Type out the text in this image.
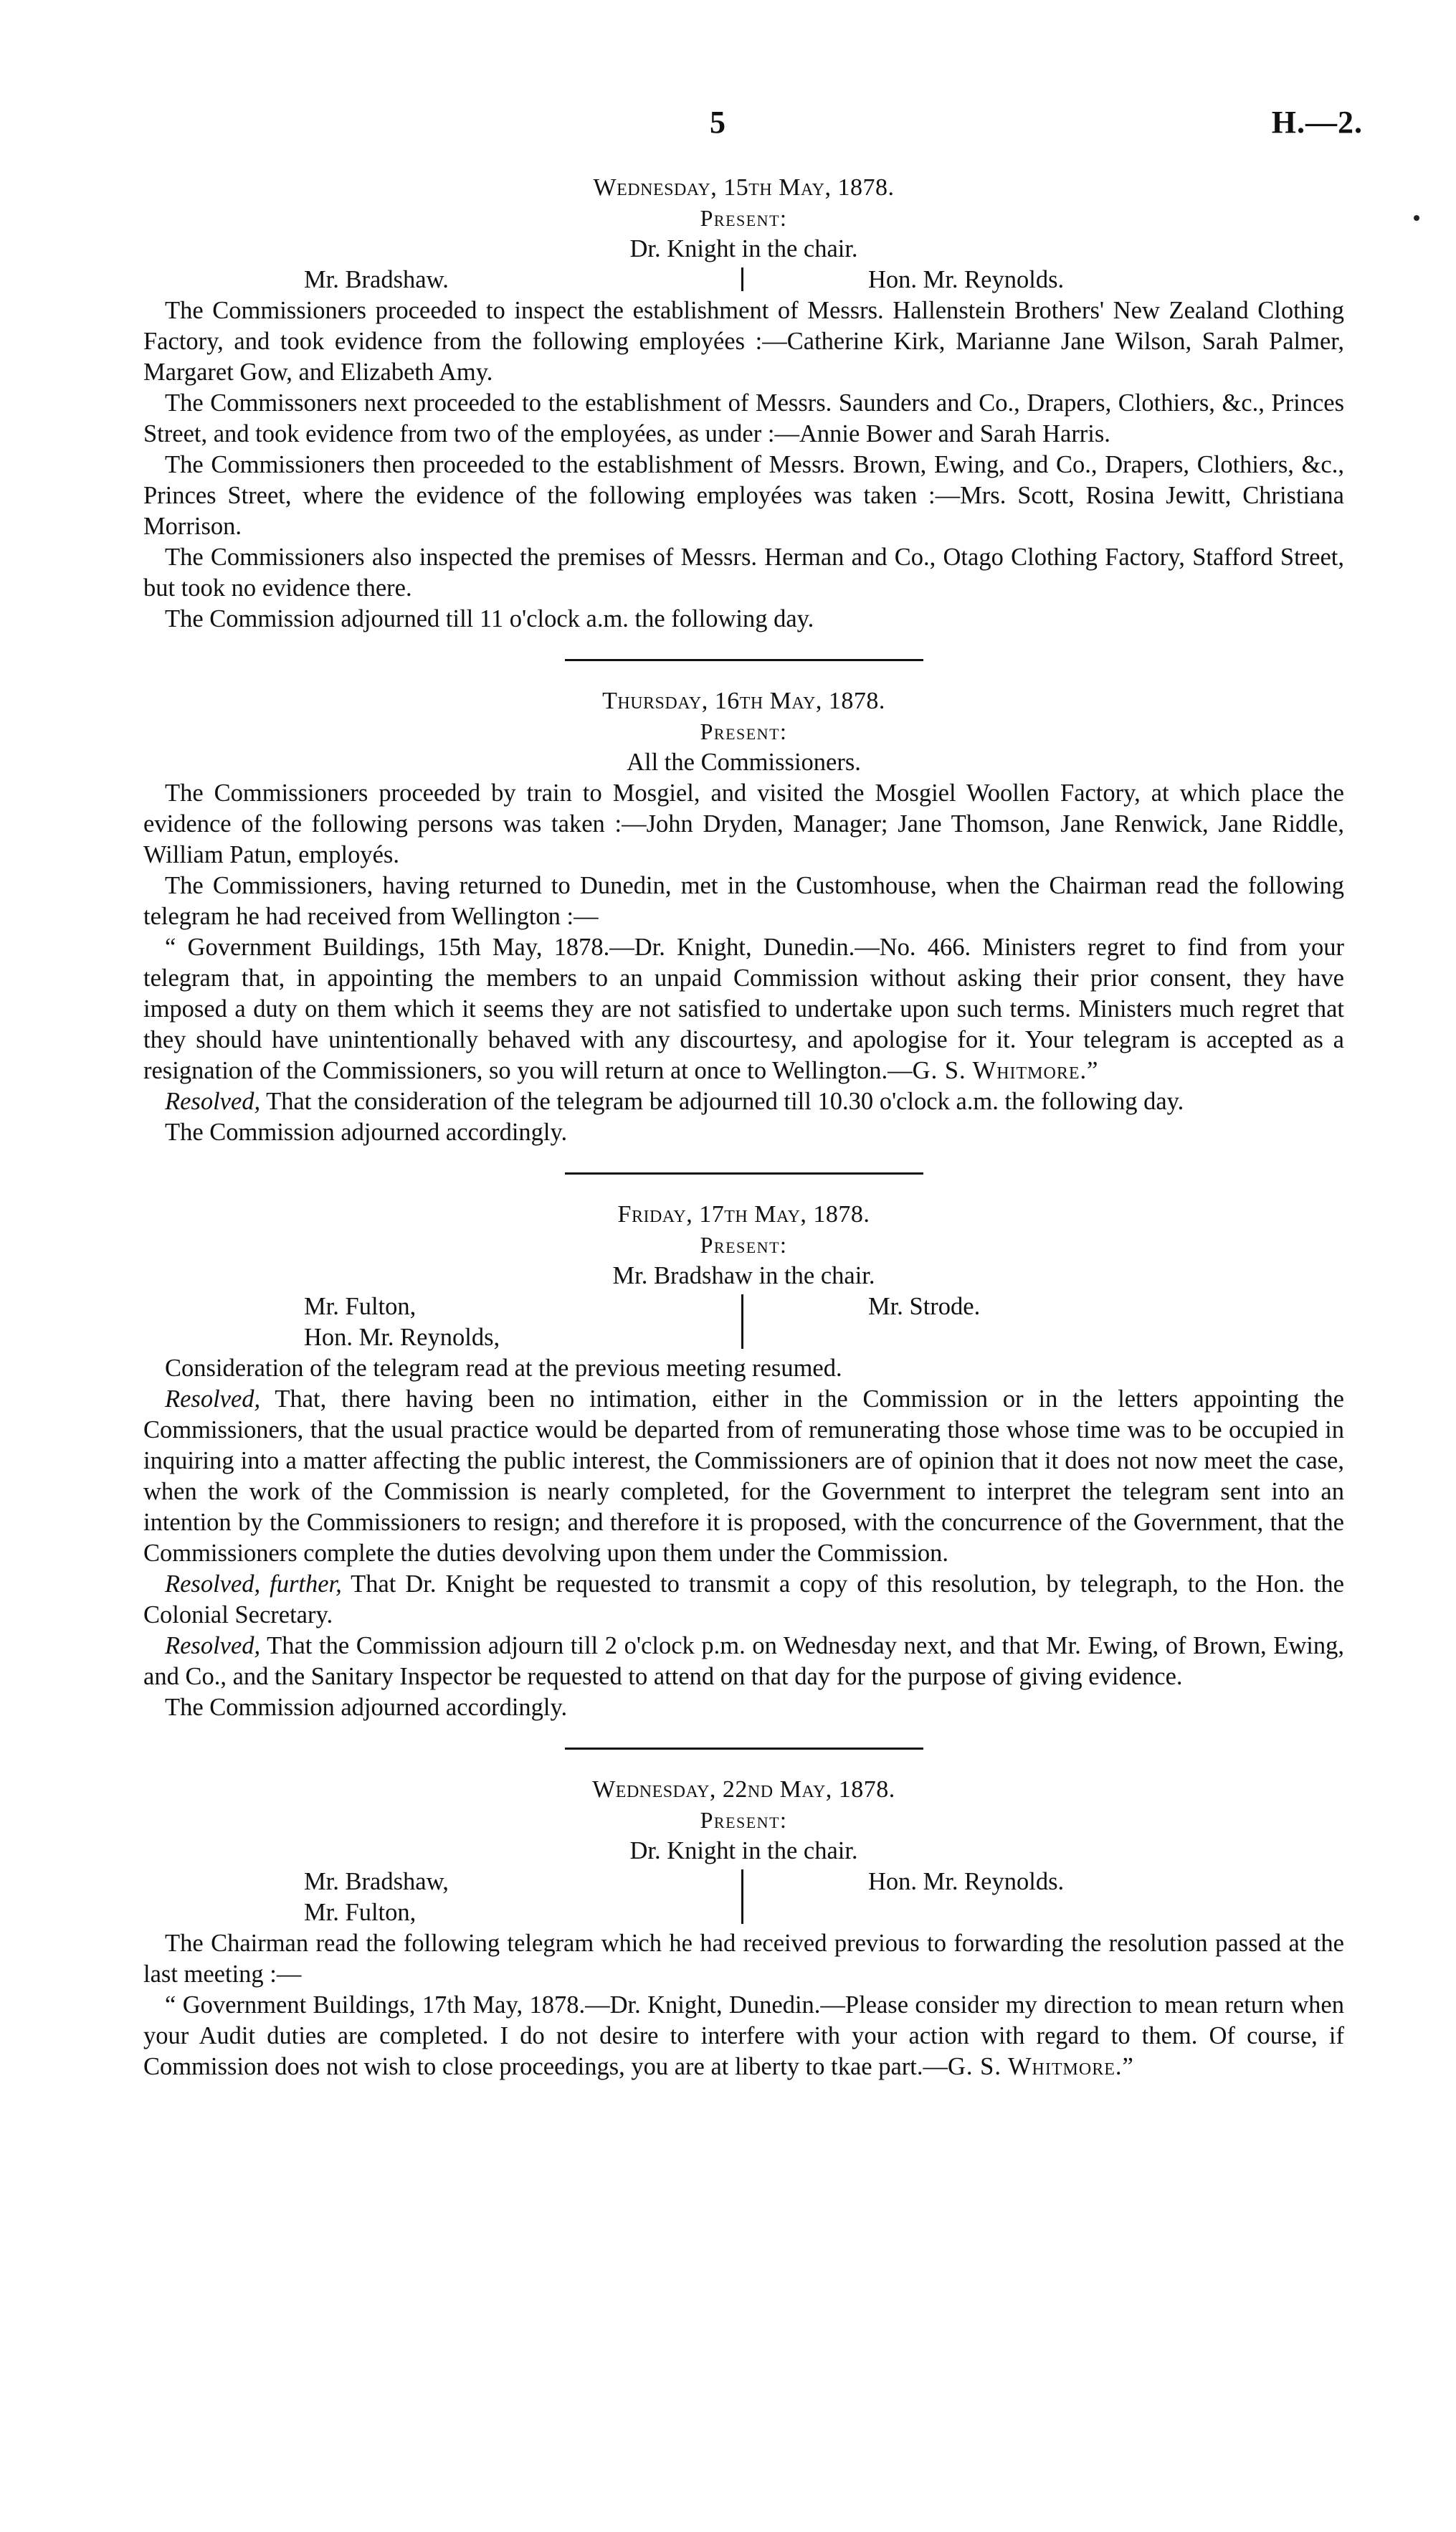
5	H.—2.

Wednesday, 15th May, 1878.

Present:

Dr. Knight in the chair.

Mr. Bradshaw.	Hon. Mr. Reynolds.

The Commissioners proceeded to inspect the establishment of Messrs. Hallenstein Brothers' New Zealand Clothing Factory, and took evidence from the following employées :—Catherine Kirk, Marianne Jane Wilson, Sarah Palmer, Margaret Gow, and Elizabeth Amy.

The Commissoners next proceeded to the establishment of Messrs. Saunders and Co., Drapers, Clothiers, &c., Princes Street, and took evidence from two of the employées, as under :—Annie Bower and Sarah Harris.

The Commissioners then proceeded to the establishment of Messrs. Brown, Ewing, and Co., Drapers, Clothiers, &c., Princes Street, where the evidence of the following employées was taken :—Mrs. Scott, Rosina Jewitt, Christiana Morrison.

The Commissioners also inspected the premises of Messrs. Herman and Co., Otago Clothing Factory, Stafford Street, but took no evidence there.

The Commission adjourned till 11 o'clock a.m. the following day.

Thursday, 16th May, 1878.

Present:

All the Commissioners.

The Commissioners proceeded by train to Mosgiel, and visited the Mosgiel Woollen Factory, at which place the evidence of the following persons was taken :—John Dryden, Manager; Jane Thomson, Jane Renwick, Jane Riddle, William Patun, employés.

The Commissioners, having returned to Dunedin, met in the Customhouse, when the Chairman read the following telegram he had received from Wellington :—

“ Government Buildings, 15th May, 1878.—Dr. Knight, Dunedin.—No. 466. Ministers regret to find from your telegram that, in appointing the members to an unpaid Commission without asking their prior consent, they have imposed a duty on them which it seems they are not satisfied to undertake upon such terms. Ministers much regret that they should have unintentionally behaved with any discourtesy, and apologise for it. Your telegram is accepted as a resignation of the Commissioners, so you will return at once to Wellington.—G. S. Whitmore.”

Resolved, That the consideration of the telegram be adjourned till 10.30 o'clock a.m. the following day.

The Commission adjourned accordingly.

Friday, 17th May, 1878.

Present:

Mr. Bradshaw in the chair.

Mr. Fulton,
Hon. Mr. Reynolds,
Mr. Strode.

Consideration of the telegram read at the previous meeting resumed.

Resolved, That, there having been no intimation, either in the Commission or in the letters appointing the Commissioners, that the usual practice would be departed from of remunerating those whose time was to be occupied in inquiring into a matter affecting the public interest, the Commissioners are of opinion that it does not now meet the case, when the work of the Commission is nearly completed, for the Government to interpret the telegram sent into an intention by the Commissioners to resign; and therefore it is proposed, with the concurrence of the Government, that the Commissioners complete the duties devolving upon them under the Commission.

Resolved, further, That Dr. Knight be requested to transmit a copy of this resolution, by telegraph, to the Hon. the Colonial Secretary.

Resolved, That the Commission adjourn till 2 o'clock p.m. on Wednesday next, and that Mr. Ewing, of Brown, Ewing, and Co., and the Sanitary Inspector be requested to attend on that day for the purpose of giving evidence.

The Commission adjourned accordingly.

Wednesday, 22nd May, 1878.

Present:

Dr. Knight in the chair.

Mr. Bradshaw,
Mr. Fulton,
Hon. Mr. Reynolds.

The Chairman read the following telegram which he had received previous to forwarding the resolution passed at the last meeting :—

“ Government Buildings, 17th May, 1878.—Dr. Knight, Dunedin.—Please consider my direction to mean return when your Audit duties are completed. I do not desire to interfere with your action with regard to them. Of course, if Commission does not wish to close proceedings, you are at liberty to tkae part.—G. S. Whitmore.”
